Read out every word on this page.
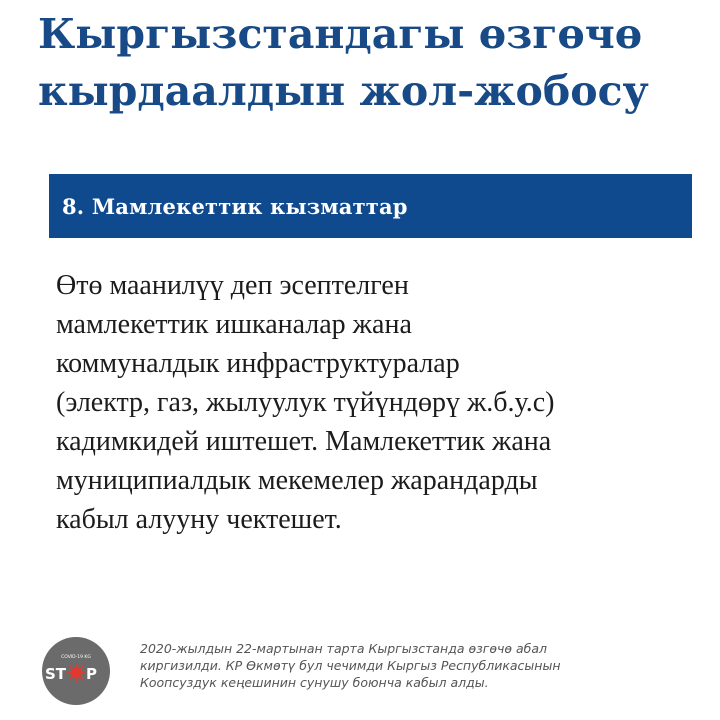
Кыргызстандагы өзгөчө
кырдаалдын жол-жобосу
8. Мамлекеттик кызматтар

Өтө маанилүү деп эсептелген
мамлекеттик ишканалар жана
коммуналдык инфраструктуралар
(электр, газ, жылуулук түйүндөрү ж.б.у.с)
кадимкидей иштешет. Мамлекеттик жана
муниципиалдык мекемелер жарандарды
кабыл алууну чектешет.

COVID-19 KG
ST P

2020-жылдын 22-мартынан тарта Кыргызстанда өзгөчө абал
киргизилди. КР Өкмөтү бул чечимди Кыргыз Республикасынын
Коопсуздук кеңешинин сунушу боюнча кабыл алды.
